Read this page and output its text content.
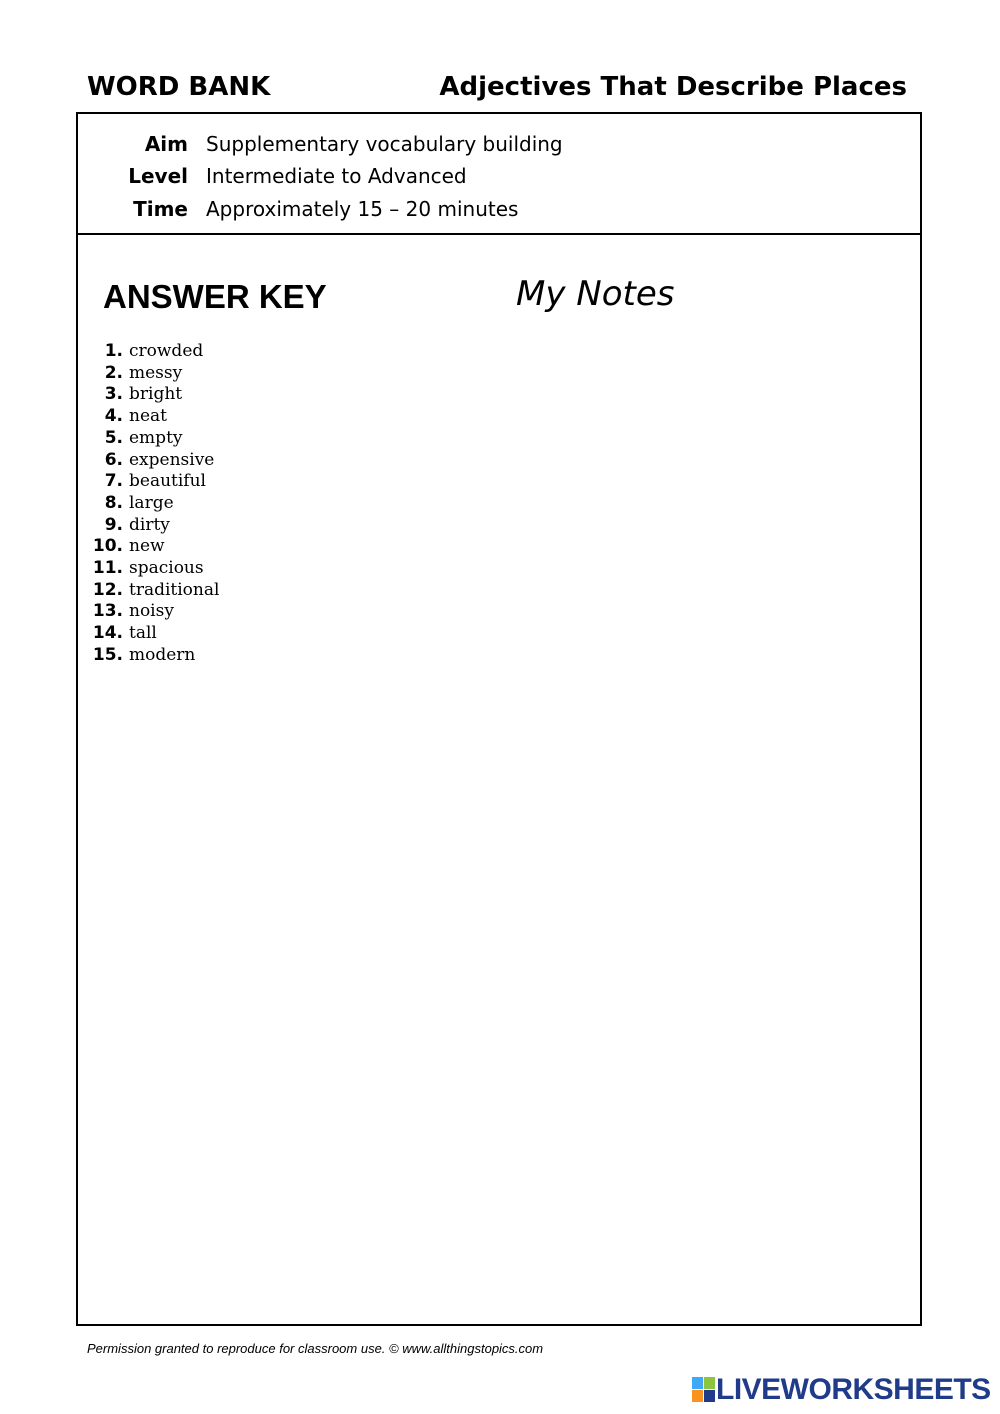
WORD BANK	Adjectives That Describe Places
Aim Supplementary vocabulary building
Level Intermediate to Advanced
Time Approximately 15 – 20 minutes
ANSWER KEY	My Notes
1. crowded
2. messy
3. bright
4. neat
5. empty
6. expensive
7. beautiful
8. large
9. dirty
10. new
11. spacious
12. traditional
13. noisy
14. tall
15. modern
Permission granted to reproduce for classroom use. © www.allthingstopics.com
LIVEWORKSHEETS
